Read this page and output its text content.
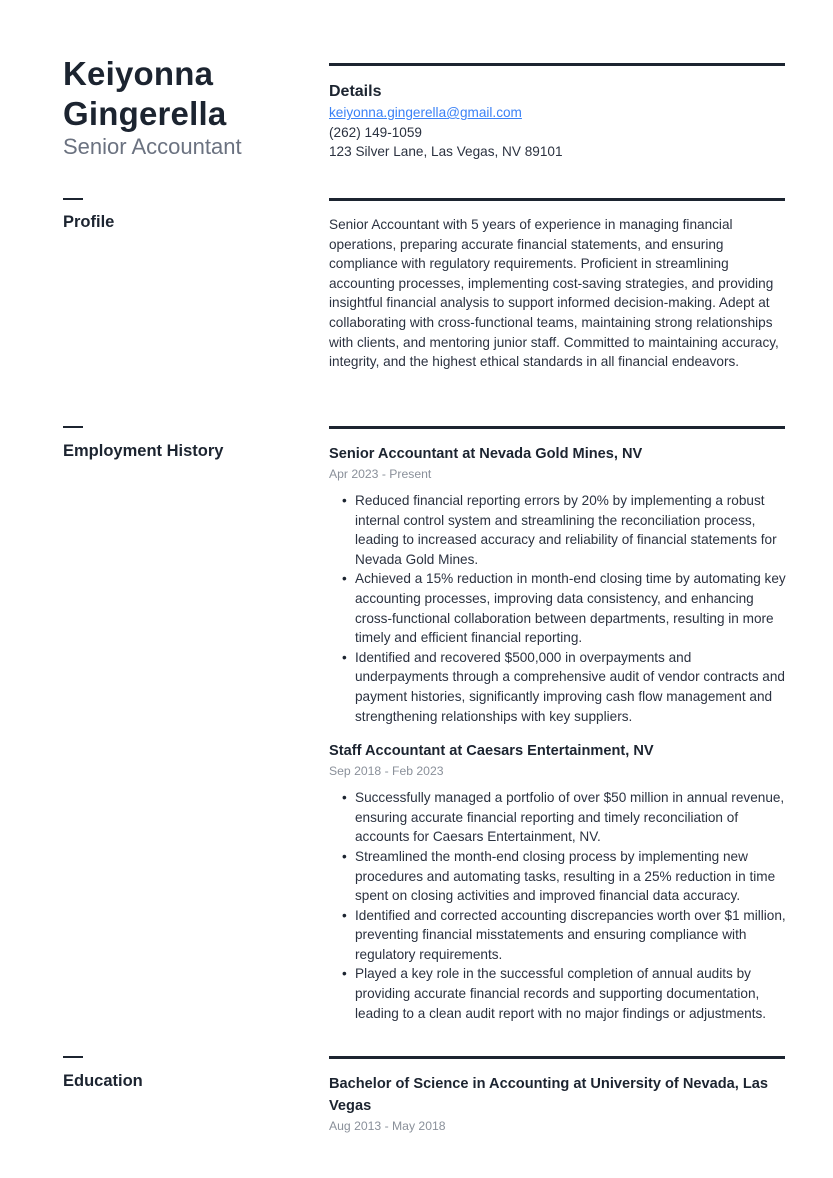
Keiyonna Gingerella
Senior Accountant
Details
keiyonna.gingerella@gmail.com
(262) 149-1059
123 Silver Lane, Las Vegas, NV 89101
Profile	Senior Accountant with 5 years of experience in managing financial operations, preparing accurate financial statements, and ensuring compliance with regulatory requirements. Proficient in streamlining accounting processes, implementing cost-saving strategies, and providing insightful financial analysis to support informed decision-making. Adept at collaborating with cross-functional teams, maintaining strong relationships with clients, and mentoring junior staff. Committed to maintaining accuracy, integrity, and the highest ethical standards in all financial endeavors.
Employment History	Senior Accountant at Nevada Gold Mines, NV
Apr 2023 - Present
• Reduced financial reporting errors by 20% by implementing a robust internal control system and streamlining the reconciliation process, leading to increased accuracy and reliability of financial statements for Nevada Gold Mines.
• Achieved a 15% reduction in month-end closing time by automating key accounting processes, improving data consistency, and enhancing cross-functional collaboration between departments, resulting in more timely and efficient financial reporting.
• Identified and recovered $500,000 in overpayments and underpayments through a comprehensive audit of vendor contracts and payment histories, significantly improving cash flow management and strengthening relationships with key suppliers.
Staff Accountant at Caesars Entertainment, NV
Sep 2018 - Feb 2023
• Successfully managed a portfolio of over $50 million in annual revenue, ensuring accurate financial reporting and timely reconciliation of accounts for Caesars Entertainment, NV.
• Streamlined the month-end closing process by implementing new procedures and automating tasks, resulting in a 25% reduction in time spent on closing activities and improved financial data accuracy.
• Identified and corrected accounting discrepancies worth over $1 million, preventing financial misstatements and ensuring compliance with regulatory requirements.
• Played a key role in the successful completion of annual audits by providing accurate financial records and supporting documentation, leading to a clean audit report with no major findings or adjustments.
Education	Bachelor of Science in Accounting at University of Nevada, Las Vegas
Aug 2013 - May 2018
